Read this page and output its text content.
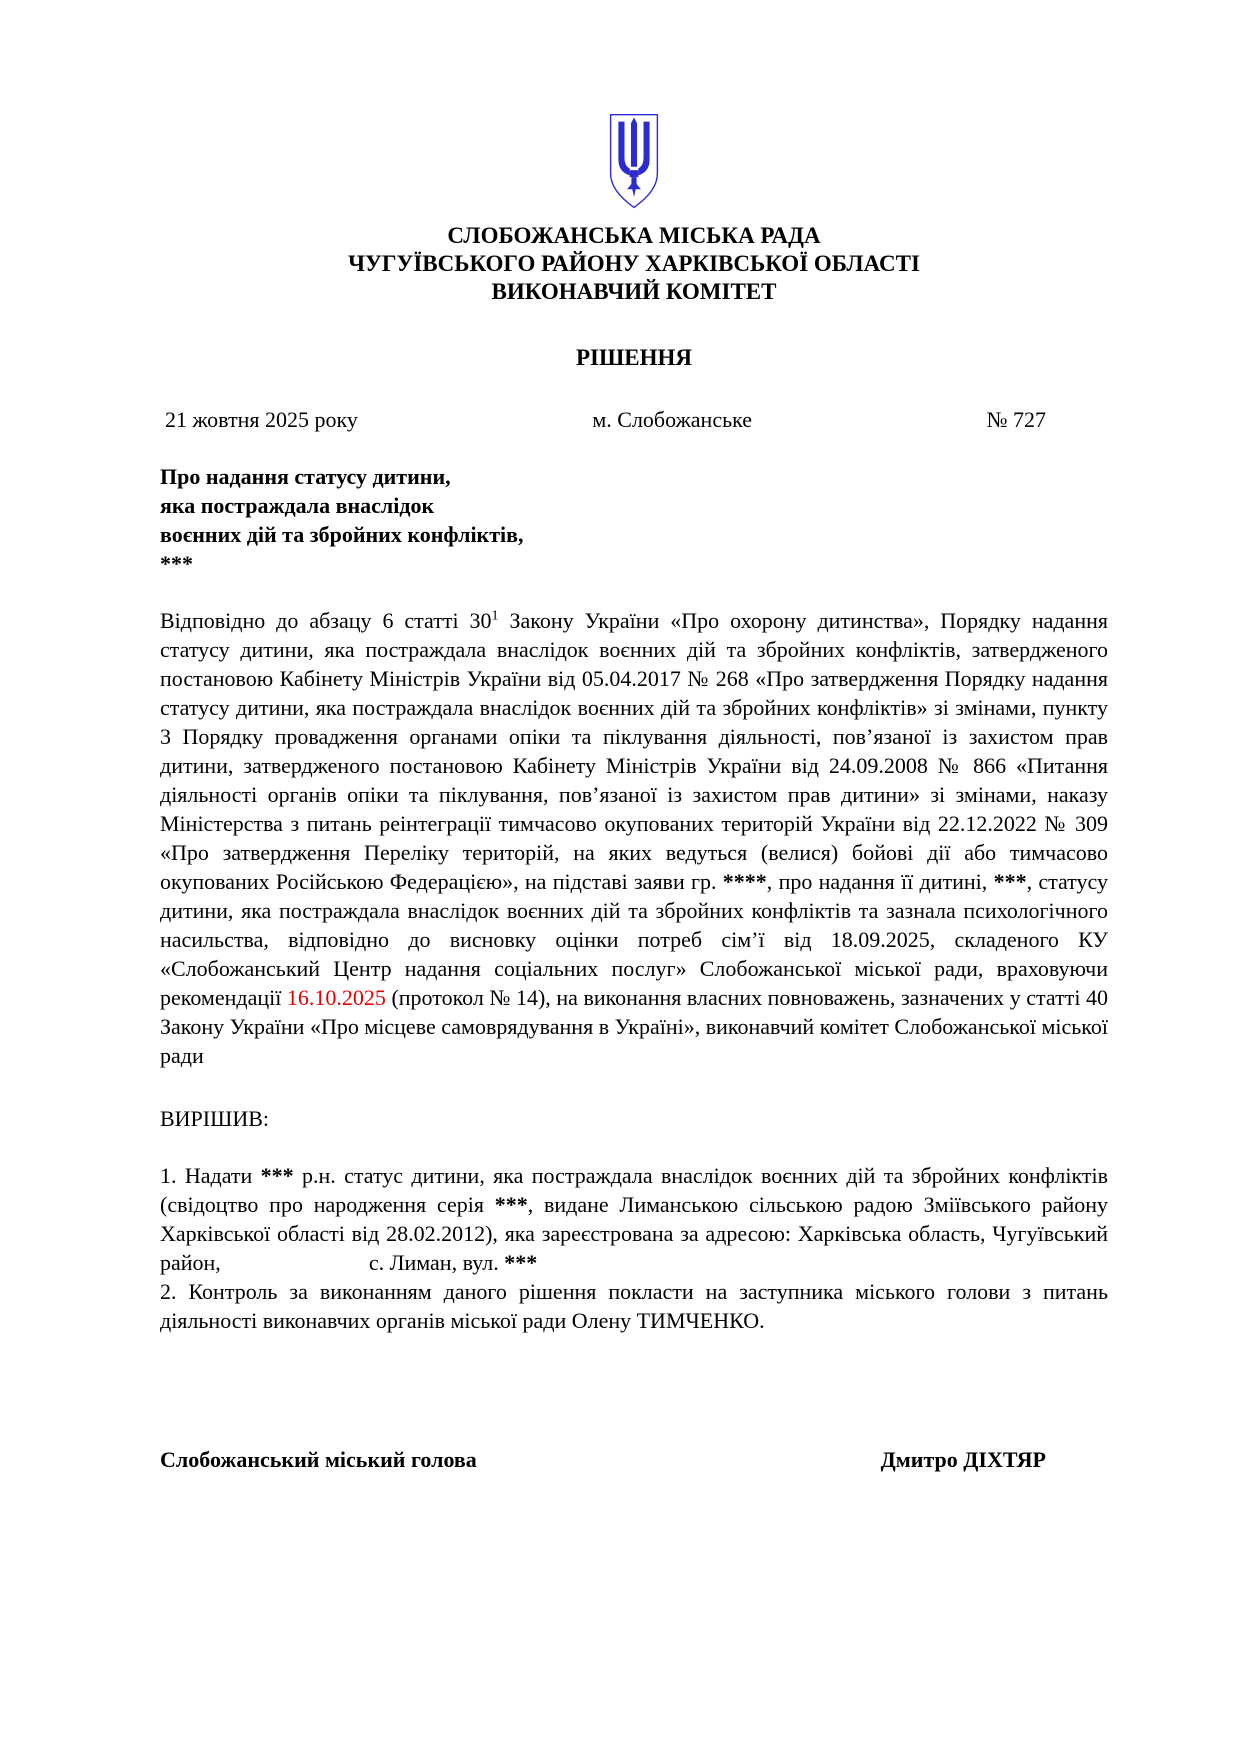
СЛОБОЖАНСЬКА МІСЬКА РАДА
ЧУГУЇВСЬКОГО РАЙОНУ ХАРКІВСЬКОЇ ОБЛАСТІ
ВИКОНАВЧИЙ КОМІТЕТ
РІШЕННЯ
21 жовтня 2025 року	м. Слобожанське	№ 727
Про надання статусу дитини,
яка постраждала внаслідок
воєнних дій та збройних конфліктів,
***

Відповідно до абзацу 6 статті $30^1$ Закону України «Про охорону дитинства», Порядку надання статусу дитини, яка постраждала внаслідок воєнних дій та збройних конфліктів, затвердженого постановою Кабінету Міністрів України від 05.04.2017 № 268 «Про затвердження Порядку надання статусу дитини, яка постраждала внаслідок воєнних дій та збройних конфліктів» зі змінами, пункту 3 Порядку провадження органами опіки та піклування діяльності, пов’язаної із захистом прав дитини, затвердженого постановою Кабінету Міністрів України від 24.09.2008 № 866 «Питання діяльності органів опіки та піклування, пов’язаної із захистом прав дитини» зі змінами, наказу Міністерства з питань реінтеграції тимчасово окупованих територій України від 22.12.2022 № 309 «Про затвердження Переліку територій, на яких ведуться (велися) бойові дії або тимчасово окупованих Російською Федерацією», на підставі заяви гр. ****, про надання її дитині, ***, статусу дитини, яка постраждала внаслідок воєнних дій та збройних конфліктів та зазнала психологічного насильства, відповідно до висновку оцінки потреб сім’ї від 18.09.2025, складеного КУ «Слобожанський Центр надання соціальних послуг» Слобожанської міської ради, враховуючи рекомендації 16.10.2025 (протокол № 14), на виконання власних повноважень, зазначених у статті 40 Закону України «Про місцеве самоврядування в Україні», виконавчий комітет Слобожанської міської ради

ВИРІШИВ:

1. Надати *** р.н. статус дитини, яка постраждала внаслідок воєнних дій та збройних конфліктів (свідоцтво про народження серія ***, видане Лиманською сільською радою Зміївського району Харківської області від 28.02.2012), яка зареєстрована за адресою: Харківська область, Чугуївський район,	с. Лиман, вул. ***

2. Контроль за виконанням даного рішення покласти на заступника міського голови з питань діяльності виконавчих органів міської ради Олену ТИМЧЕНКО.

Слобожанський міський голова	Дмитро ДІХТЯР
